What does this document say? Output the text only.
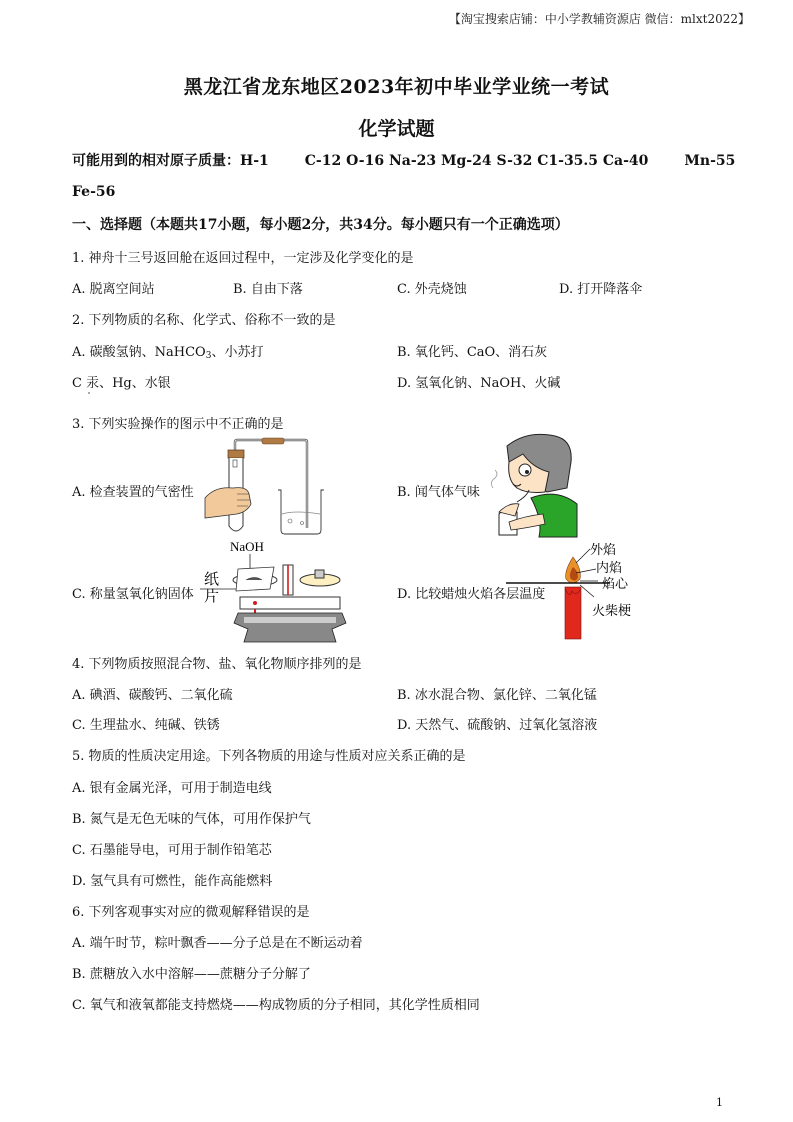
【淘宝搜索店铺：中小学教辅资源店 微信：mlxt2022】
黑龙江省龙东地区2023年初中毕业学业统一考试
化学试题
可能用到的相对原子质量：H-1	C-12 O-16 Na-23 Mg-24 S-32 C1-35.5 Ca-40	Mn-55
Fe-56
一、选择题（本题共17小题，每小题2分，共34分。每小题只有一个正确选项）
1. 神舟十三号返回舱在返回过程中，一定涉及化学变化的是
A. 脱离空间站	B. 自由下落	C. 外壳烧蚀	D. 打开降落伞
2. 下列物质的名称、化学式、俗称不一致的是
A. 碳酸氢钠、NaHCO$_3$、小苏打	B. 氧化钙、CaO、消石灰
C 汞、Hg、水银	D. 氢氧化钠、NaOH、火碱
3. 下列实验操作的图示中不正确的是
A. 检查装置的气密性	B. 闻气体气味
C. 称量氢氧化钠固体	D. 比较蜡烛火焰各层温度
NaOH
纸
片
外焰
内焰
焰心
火柴梗
4. 下列物质按照混合物、盐、氧化物顺序排列的是
A. 碘酒、碳酸钙、二氧化硫	B. 冰水混合物、氯化锌、二氧化锰
C. 生理盐水、纯碱、铁锈	D. 天然气、硫酸钠、过氧化氢溶液
5. 物质的性质决定用途。下列各物质的用途与性质对应关系正确的是
A. 银有金属光泽，可用于制造电线
B. 氮气是无色无味的气体，可用作保护气
C. 石墨能导电，可用于制作铅笔芯
D. 氢气具有可燃性，能作高能燃料
6. 下列客观事实对应的微观解释错误的是
A. 端午时节，粽叶飘香——分子总是在不断运动着
B. 蔗糖放入水中溶解——蔗糖分子分解了
C. 氧气和液氧都能支持燃烧——构成物质的分子相同，其化学性质相同
1
